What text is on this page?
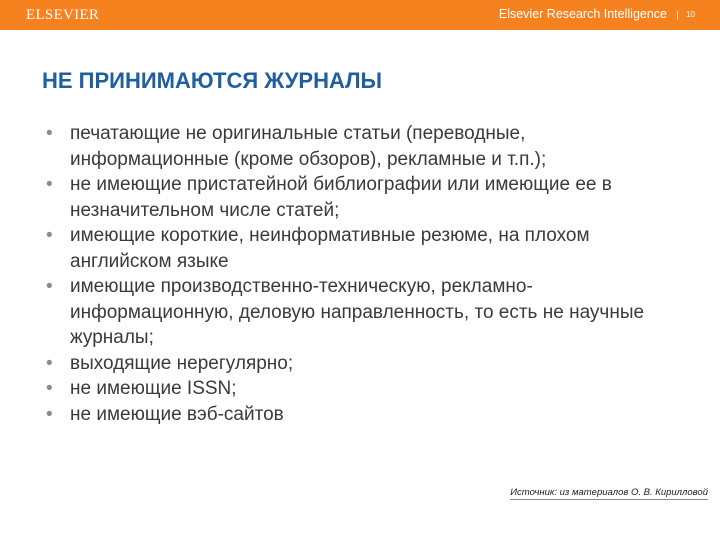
ELSEVIER	Elsevier Research Intelligence 10
НЕ ПРИНИМАЮТСЯ ЖУРНАЛЫ
• печатающие не оригинальные статьи (переводные, информационные (кроме обзоров), рекламные и т.п.);
• не имеющие пристатейной библиографии или имеющие ее в незначительном числе статей;
• имеющие короткие, неинформативные резюме, на плохом английском языке
• имеющие производственно-техническую, рекламно-информационную, деловую направленность, то есть не научные журналы;
• выходящие нерегулярно;
• не имеющие ISSN;
• не имеющие вэб-сайтов
Источник: из материалов О. В. Кирилловой
